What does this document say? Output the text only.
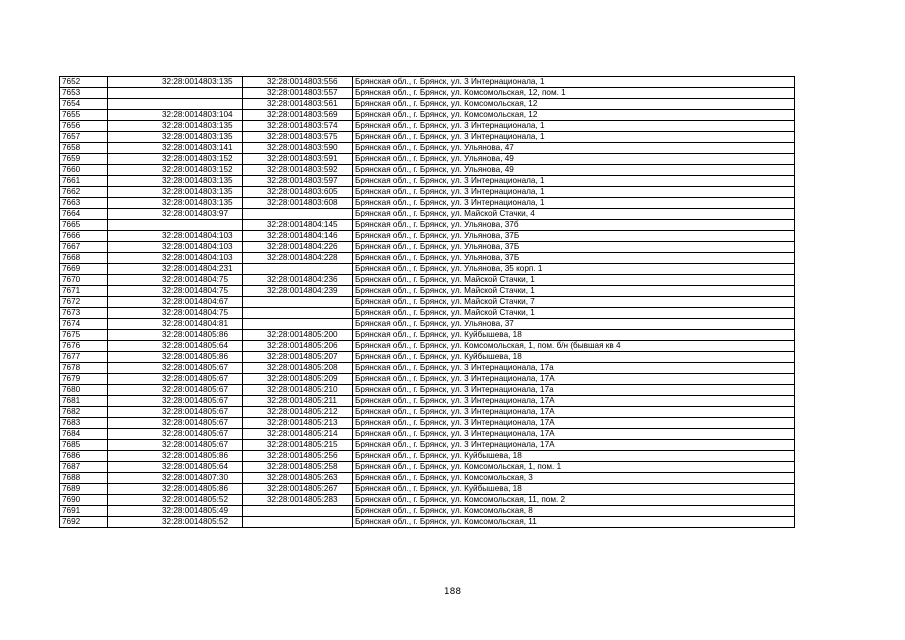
7652	32:28:0014803:135	32:28:0014803:556	Брянская обл., г. Брянск, ул. 3 Интернационала, 1
7653		32:28:0014803:557	Брянская обл., г. Брянск, ул. Комсомольская, 12, пом. 1
7654		32:28:0014803:561	Брянская обл., г. Брянск, ул. Комсомольская, 12
7655	32:28:0014803:104	32:28:0014803:569	Брянская обл., г. Брянск, ул. Комсомольская, 12
7656	32:28:0014803:135	32:28:0014803:574	Брянская обл., г. Брянск, ул. 3 Интернационала, 1
7657	32:28:0014803:135	32:28:0014803:575	Брянская обл., г. Брянск, ул. 3 Интернационала, 1
7658	32:28:0014803:141	32:28:0014803:590	Брянская обл., г. Брянск, ул. Ульянова, 47
7659	32:28:0014803:152	32:28:0014803:591	Брянская обл., г. Брянск, ул. Ульянова, 49
7660	32:28:0014803:152	32:28:0014803:592	Брянская обл., г. Брянск, ул. Ульянова, 49
7661	32:28:0014803:135	32:28:0014803:597	Брянская обл., г. Брянск, ул. 3 Интернационала, 1
7662	32:28:0014803:135	32:28:0014803:605	Брянская обл., г. Брянск, ул. 3 Интернационала, 1
7663	32:28:0014803:135	32:28:0014803:608	Брянская обл., г. Брянск, ул. 3 Интернационала, 1
7664	32:28:0014803:97		Брянская обл., г. Брянск, ул. Майской Стачки, 4
7665		32:28:0014804:145	Брянская обл., г. Брянск, ул. Ульянова, 37б
7666	32:28:0014804:103	32:28:0014804:146	Брянская обл., г. Брянск, ул. Ульянова, 37Б
7667	32:28:0014804:103	32:28:0014804:226	Брянская обл., г. Брянск, ул. Ульянова, 37Б
7668	32:28:0014804:103	32:28:0014804:228	Брянская обл., г. Брянск, ул. Ульянова, 37Б
7669	32:28:0014804:231		Брянская обл., г. Брянск, ул. Ульянова, 35 корп. 1
7670	32:28:0014804:75	32:28:0014804:236	Брянская обл., г. Брянск, ул. Майской Стачки, 1
7671	32:28:0014804:75	32:28:0014804:239	Брянская обл., г. Брянск, ул. Майской Стачки, 1
7672	32:28:0014804:67		Брянская обл., г. Брянск, ул. Майской Стачки, 7
7673	32:28:0014804:75		Брянская обл., г. Брянск, ул. Майской Стачки, 1
7674	32:28:0014804:81		Брянская обл., г. Брянск, ул. Ульянова, 37
7675	32:28:0014805:86	32:28:0014805:200	Брянская обл., г. Брянск, ул. Куйбышева, 18
7676	32:28:0014805:64	32:28:0014805:206	Брянская обл., г. Брянск, ул. Комсомольская, 1, пом. б/н (бывшая кв 4
7677	32:28:0014805:86	32:28:0014805:207	Брянская обл., г. Брянск, ул. Куйбышева, 18
7678	32:28:0014805:67	32:28:0014805:208	Брянская обл., г. Брянск, ул. 3 Интернационала, 17а
7679	32:28:0014805:67	32:28:0014805:209	Брянская обл., г. Брянск, ул. 3 Интернационала, 17А
7680	32:28:0014805:67	32:28:0014805:210	Брянская обл., г. Брянск, ул. 3 Интернационала, 17а
7681	32:28:0014805:67	32:28:0014805:211	Брянская обл., г. Брянск, ул. 3 Интернационала, 17А
7682	32:28:0014805:67	32:28:0014805:212	Брянская обл., г. Брянск, ул. 3 Интернационала, 17А
7683	32:28:0014805:67	32:28:0014805:213	Брянская обл., г. Брянск, ул. 3 Интернационала, 17А
7684	32:28:0014805:67	32:28:0014805:214	Брянская обл., г. Брянск, ул. 3 Интернационала, 17А
7685	32:28:0014805:67	32:28:0014805:215	Брянская обл., г. Брянск, ул. 3 Интернационала, 17А
7686	32:28:0014805:86	32:28:0014805:256	Брянская обл., г. Брянск, ул. Куйбышева, 18
7687	32:28:0014805:64	32:28:0014805:258	Брянская обл., г. Брянск, ул. Комсомольская, 1, пом. 1
7688	32:28:0014807:30	32:28:0014805:263	Брянская обл., г. Брянск, ул. Комсомольская, 3
7689	32:28:0014805:86	32:28:0014805:267	Брянская обл., г. Брянск, ул. Куйбышева, 18
7690	32:28:0014805:52	32:28:0014805:283	Брянская обл., г. Брянск, ул. Комсомольская, 11, пом. 2
7691	32:28:0014805:49		Брянская обл., г. Брянск, ул. Комсомольская, 8
7692	32:28:0014805:52		Брянская обл., г. Брянск, ул. Комсомольская, 11
188
